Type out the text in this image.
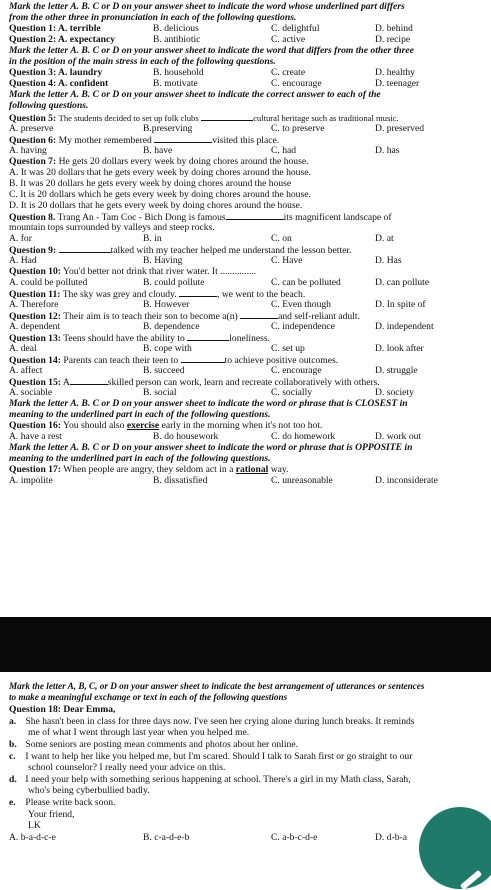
Mark the letter A. B. C or D on your answer sheet to indicate the word whose underlined part differs
from the other three in pronunciation in each of the following questions.
Question 1: A. terrible	B. delicious	C. delightful	D. behind
Question 2: A. expectancy	B. antibiotic	C. active	D. recipe
Mark the letter A. B. C or D on your answer sheet to indicate the word that differs from the other three
in the position of the main stress in each of the following questions.
Question 3: A. laundry	B. household	C. create	D. healthy
Question 4: A. confident	B. motivate	C. encourage	D. teenager
Mark the letter A. B. C or D on your answer sheet to indicate the correct answer to each of the
following questions.
Question 5: The students decided to set up folk clubs	cultural heritage such as traditional music.
A. preserve	B.preserving	C. to preserve	D. preserved
Question 6: My mother remembered	visited this place.
A. having	B. have	C. had	D. has
Question 7: He gets 20 dollars every week by doing chores around the house.
A. It was 20 dollars that he gets every week by doing chores around the house.
B. It was 20 dollars he gets every week by doing chores around the house
C. It is 20 dollars which he gets every week by doing chores around the house.
D. It is 20 dollars that he gets every week by doing chores around the house.
Question 8. Trang An - Tam Coc - Bich Dong is famous	its magnificent landscape of
mountain tops surrounded by valleys and steep rocks.
A. for	B. in	C. on	D. at
Question 9:	talked with my teacher helped me understand the lesson better.
A. Had	B. Having	C. Have	D. Has
Question 10: You'd better not drink that river water. It ...............
A. could be polluted	B. could pollute	C. can be polluted	D. can pollute
Question 11: The sky was grey and cloudy.	, we went to the beach.
A. Therefore	B. However	C. Even though	D. In spite of
Question 12: Their aim is to teach their son to become a(n)	and self-reliant adult.
A. dependent	B. dependence	C. independence	D. independent
Question 13: Teens should have the ability to	loneliness.
A. deal	B. cope with	C. set up	D. look after
Question 14: Parents can teach their teen to	to achieve positive outcomes.
A. affect	B. succeed	C. encourage	D. struggle
Question 15: A	skilled person can work, learn and recreate collaboratively with others.
A. sociable	B. social	C. socially	D. society
Mark the letter A. B. C or D on your answer sheet to indicate the word or phrase that is CLOSEST in
meaning to the underlined part in each of the following questions.
Question 16: You should also exercise early in the morning when it's not too hot.
A. have a rest	B. do housework	C. do homework	D. work out
Mark the letter A. B. C or D on your answer sheet to indicate the word or phrase that is OPPOSITE in
meaning to the underlined part in each of the following questions.
Question 17: When people are angry, they seldom act in a rational way.
A. impolite	B. dissatisfied	C. unreasonable	D. inconsiderate
Mark the letter A, B, C, or D on your answer sheet to indicate the best arrangement of utterances or sentences
to make a meaningful exchange or text in each of the following questions
Question 18: Dear Emma,
a. She hasn't been in class for three days now. I've seen her crying alone during lunch breaks. It reminds
me of what I went through last year when you helped me.
b. Some seniors are posting mean comments and photos about her online.
c. I want to help her like you helped me, but I'm scared. Should I talk to Sarah first or go straight to our
school counselor? I really need your advice on this.
d. I need your help with something serious happening at school. There's a girl in my Math class, Sarah,
who's being cyberbullied badly.
e. Please write back soon.
Your friend,
LK
A. b-a-d-c-e	B. c-a-d-e-b	C. a-b-c-d-e	D. d-b-a
